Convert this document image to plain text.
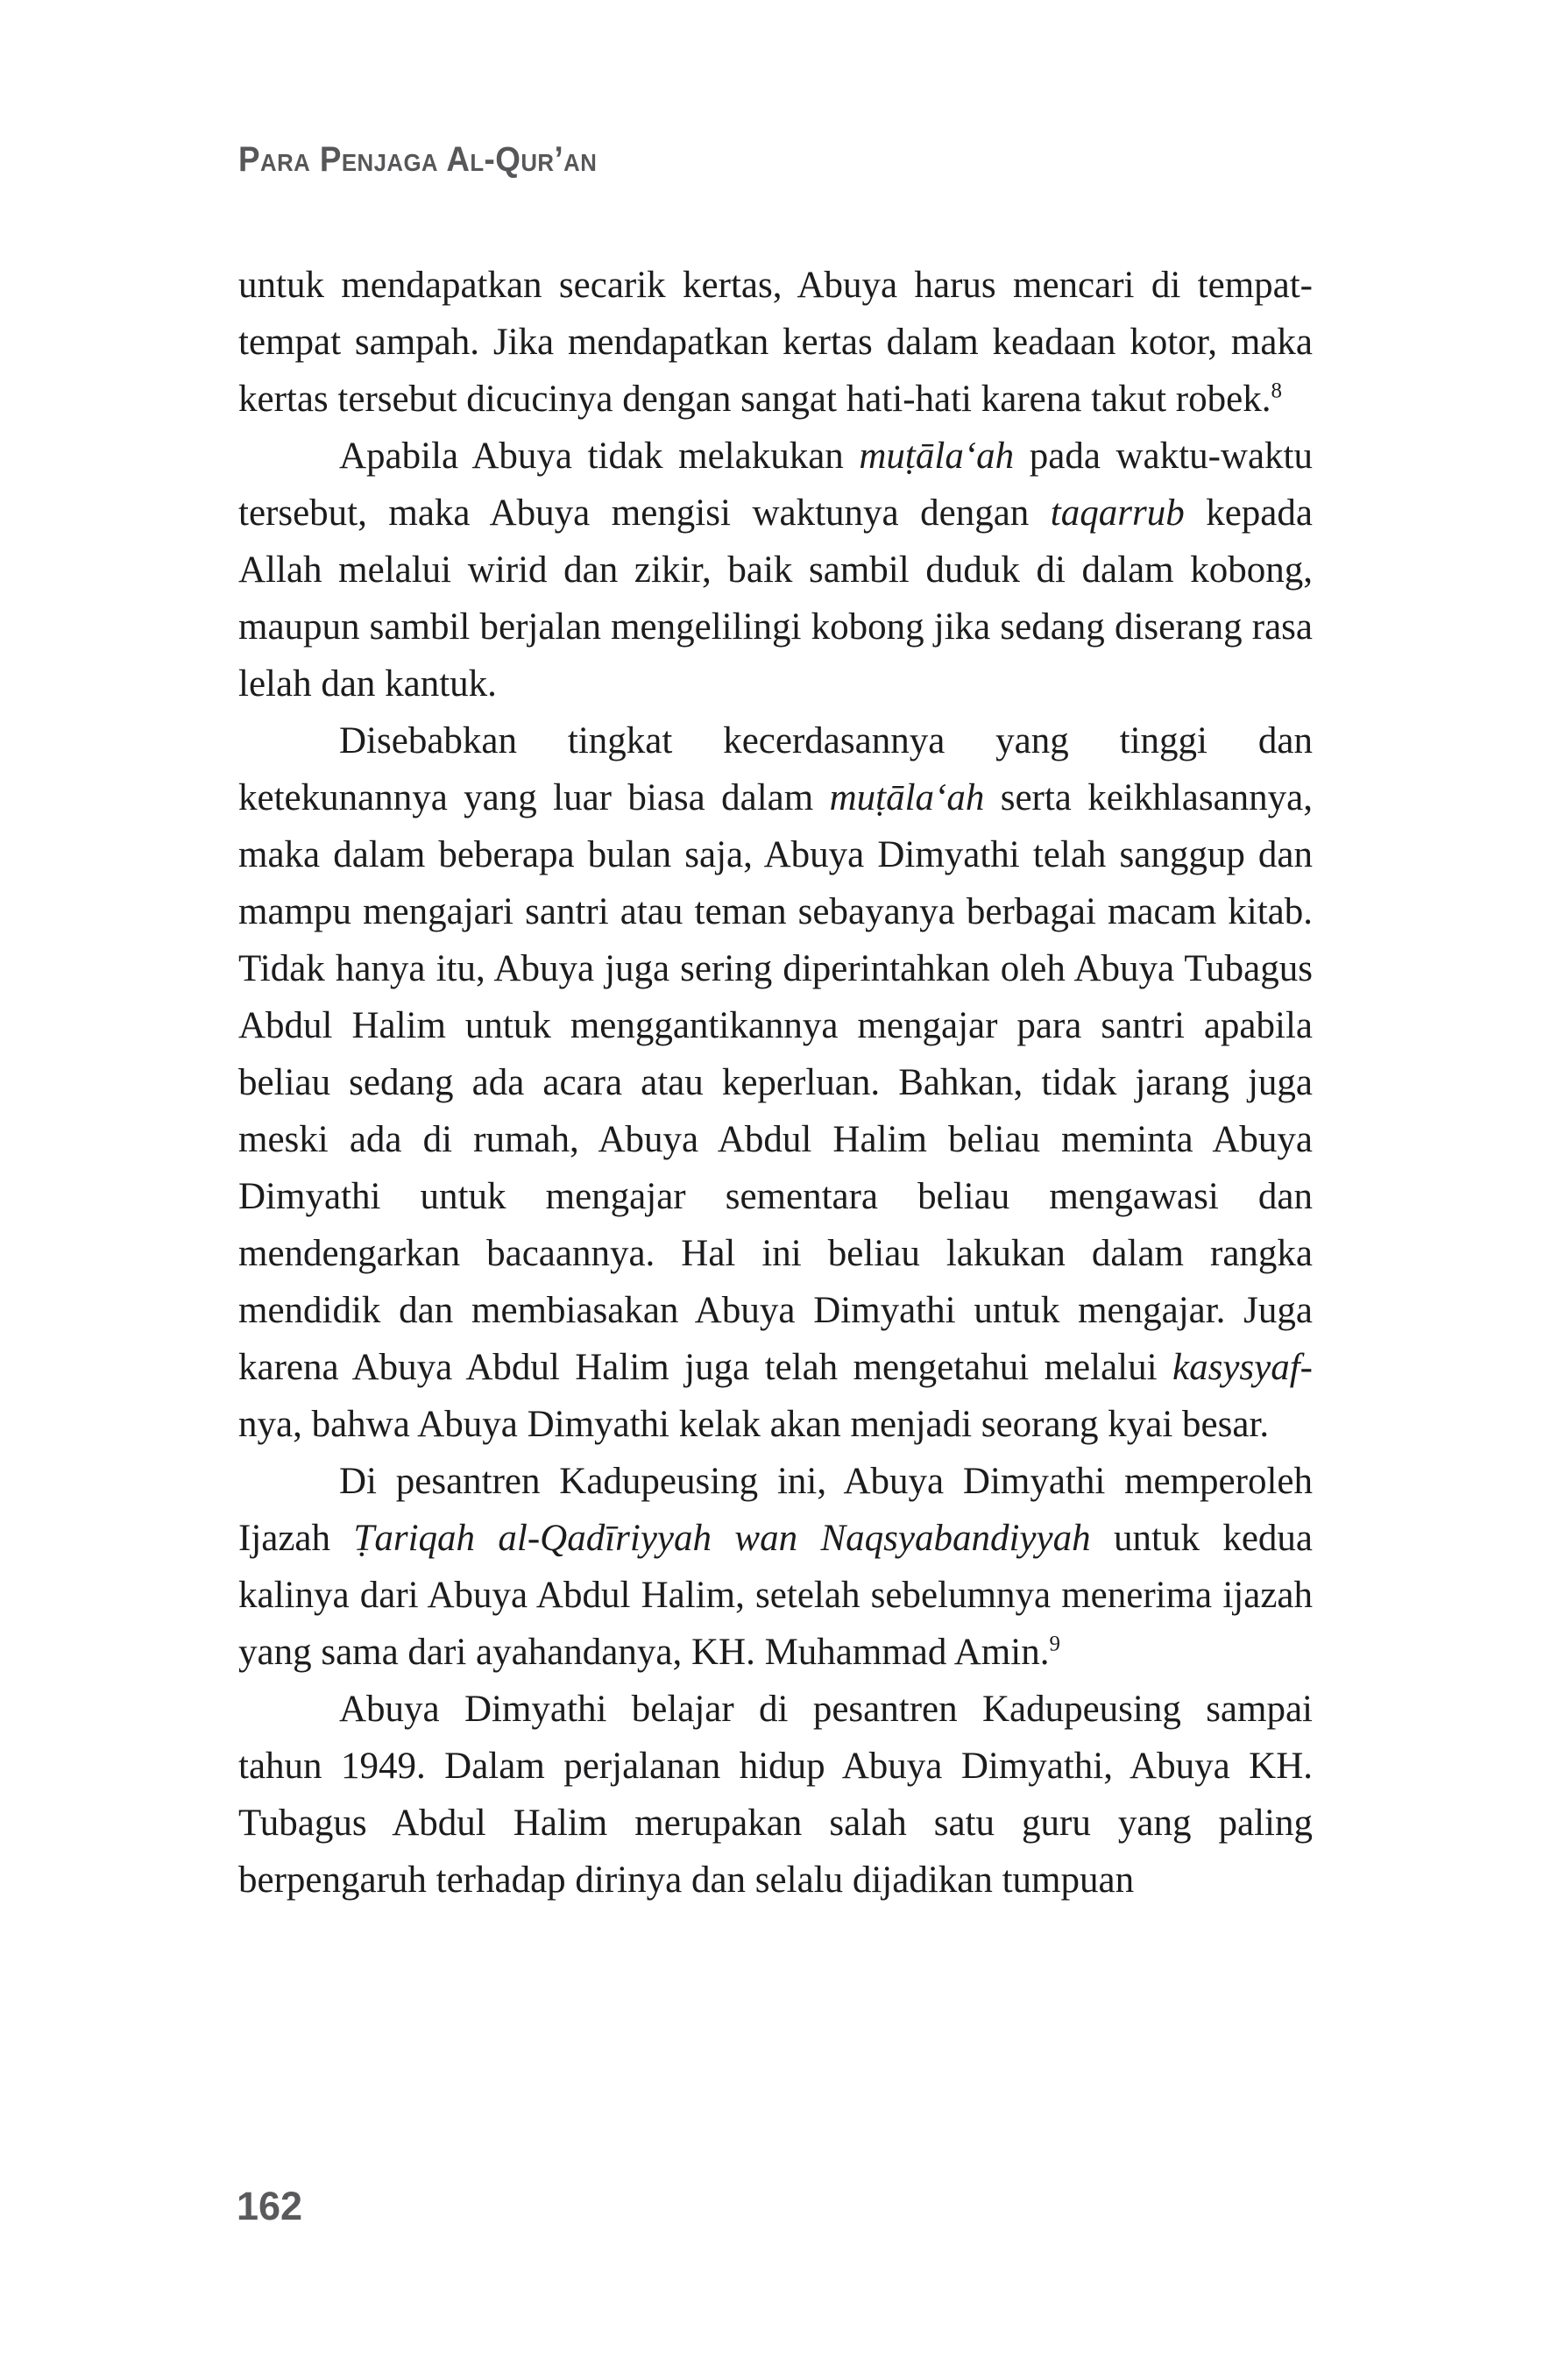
Para Penjaga Al-Qur’an

untuk mendapatkan secarik kertas, Abuya harus mencari di tempat-tempat sampah. Jika mendapatkan kertas dalam keadaan kotor, maka kertas tersebut dicucinya dengan sangat hati-hati karena takut robek.$^8$

Apabila Abuya tidak melakukan muṭālaʻah pada waktu-waktu tersebut, maka Abuya mengisi waktunya dengan taqarrub kepada Allah melalui wirid dan zikir, baik sambil duduk di dalam kobong, maupun sambil berjalan mengelilingi kobong jika sedang diserang rasa lelah dan kantuk.

Disebabkan tingkat kecerdasannya yang tinggi dan ketekunannya yang luar biasa dalam muṭālaʻah serta keikhlasannya, maka dalam beberapa bulan saja, Abuya Dimyathi telah sanggup dan mampu mengajari santri atau teman sebayanya berbagai macam kitab. Tidak hanya itu, Abuya juga sering diperintahkan oleh Abuya Tubagus Abdul Halim untuk menggantikannya mengajar para santri apabila beliau sedang ada acara atau keperluan. Bahkan, tidak jarang juga meski ada di rumah, Abuya Abdul Halim beliau meminta Abuya Dimyathi untuk mengajar sementara beliau mengawasi dan mendengarkan bacaannya. Hal ini beliau lakukan dalam rangka mendidik dan membiasakan Abuya Dimyathi untuk mengajar. Juga karena Abuya Abdul Halim juga telah mengetahui melalui kasysyaf-nya, bahwa Abuya Dimyathi kelak akan menjadi seorang kyai besar.

Di pesantren Kadupeusing ini, Abuya Dimyathi memperoleh Ijazah Ṭariqah al-Qadīriyyah wan Naqsyabandiyyah untuk kedua kalinya dari Abuya Abdul Halim, setelah sebelumnya menerima ijazah yang sama dari ayahandanya, KH. Muhammad Amin.$^9$

Abuya Dimyathi belajar di pesantren Kadupeusing sampai tahun 1949. Dalam perjalanan hidup Abuya Dimyathi, Abuya KH. Tubagus Abdul Halim merupakan salah satu guru yang paling berpengaruh terhadap dirinya dan selalu dijadikan tumpuan

162
